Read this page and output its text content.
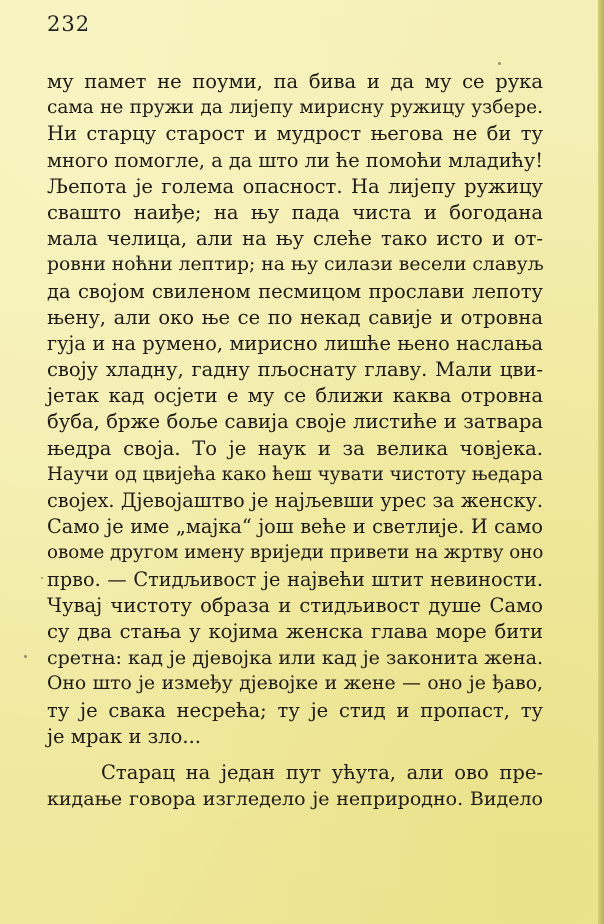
232
му памет не поуми, па бива и да му се рука
сама не пружи да лијепу мирисну ружицу узбере.
Ни старцу старост и мудрост његова не би ту
много помогле, а да што ли ће помоћи младићу!
Љепота је голема опасност. На лијепу ружицу
свашто наиђе; на њу пада чиста и богодана
мала челица, али на њу слеће тако исто и от-
ровни ноћни лептир; на њу силази весели славуљ
да својом свиленом песмицом прослави лепоту
њену, али око ње се по некад савије и отровна
гуја и на румено, мирисно лишће њено наслања
своју хладну, гадну пљоснату главу. Мали цви-
јетак кад осјети е му се ближи каква отровна
буба, брже боље савија своје листиће и затвара
њедра своја. То је наук и за велика човјека.
Научи од цвијећа како ћеш чувати чистоту њедара
својех. Дјевојаштво је најљевши урес за женску.
Само је име „мајка“ још веће и светлије. И само
овоме другом имену вриједи привети на жртву оно
прво. — Стидљивост је највећи штит невиности.
Чувај чистоту образа и стидљивост душе Само
су два стања у којима женска глава море бити
сретна: кад је дјевојка или кад је законита жена.
Оно што је између дјевојке и жене — оно је ђаво,
ту је свака несрећа; ту је стид и пропаст, ту
је мрак и зло...
Старац на један пут ућута, али ово пре-
кидање говора изгледело је неприродно. Видело
